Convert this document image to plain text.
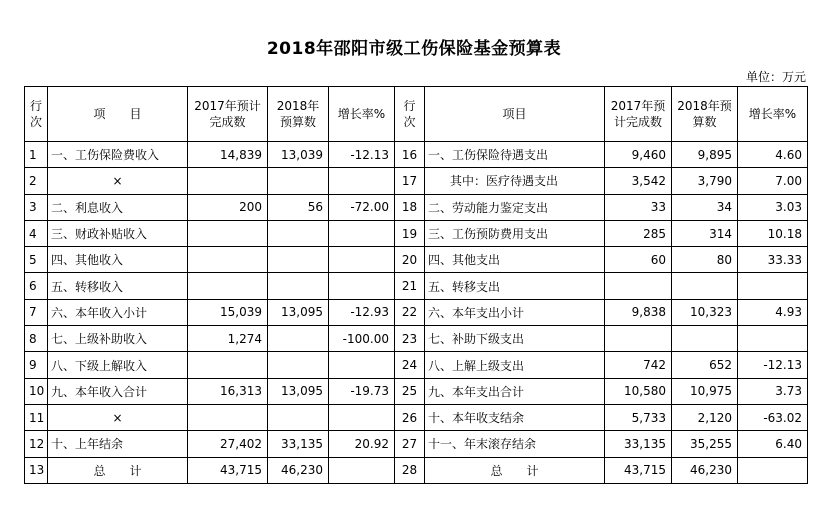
2018年邵阳市级工伤保险基金预算表
单位：万元
行次	项　　目	2017年预计完成数	2018年预算数	增长率%	行次	项目	2017年预计完成数	2018年预算数	增长率%
1	一、工伤保险费收入	14,839	13,039	-12.13	16	一、工伤保险待遇支出	9,460	9,895	4.60
2	×				17	其中：医疗待遇支出	3,542	3,790	7.00
3	二、利息收入	200	56	-72.00	18	二、劳动能力鉴定支出	33	34	3.03
4	三、财政补贴收入				19	三、工伤预防费用支出	285	314	10.18
5	四、其他收入				20	四、其他支出	60	80	33.33
6	五、转移收入				21	五、转移支出			
7	六、本年收入小计	15,039	13,095	-12.93	22	六、本年支出小计	9,838	10,323	4.93
8	七、上级补助收入	1,274		-100.00	23	七、补助下级支出			
9	八、下级上解收入				24	八、上解上级支出	742	652	-12.13
10	九、本年收入合计	16,313	13,095	-19.73	25	九、本年支出合计	10,580	10,975	3.73
11	×				26	十、本年收支结余	5,733	2,120	-63.02
12	十、上年结余	27,402	33,135	20.92	27	十一、年末滚存结余	33,135	35,255	6.40
13	总　　计	43,715	46,230		28	总　　计	43,715	46,230	
